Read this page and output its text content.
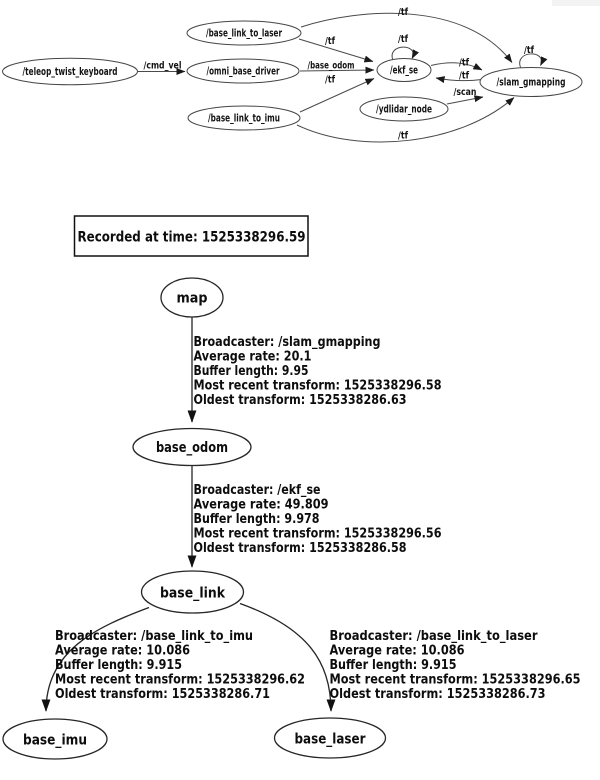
/teleop_twist_keyboard
/base_link_to_laser
/omni_base_driver
/base_link_to_imu
/ekf_se
/ydlidar_node
/slam_gmapping
/cmd_vel
/tf
/tf
/base_odom
/tf
/tf
/tf
/tf
/tf
/scan
/tf
Recorded at time: 1525338296.59
map
base_odom
base_link
base_imu	base_laser
Broadcaster: /slam_gmapping
Average rate: 20.1
Buffer length: 9.95
Most recent transform: 1525338296.58
Oldest transform: 1525338286.63
Broadcaster: /ekf_se
Average rate: 49.809
Buffer length: 9.978
Most recent transform: 1525338296.56
Oldest transform: 1525338286.58
Broadcaster: /base_link_to_imu
Average rate: 10.086
Buffer length: 9.915
Most recent transform: 1525338296.62
Oldest transform: 1525338286.71
Broadcaster: /base_link_to_laser
Average rate: 10.086
Buffer length: 9.915
Most recent transform: 1525338296.65
Oldest transform: 1525338286.73
